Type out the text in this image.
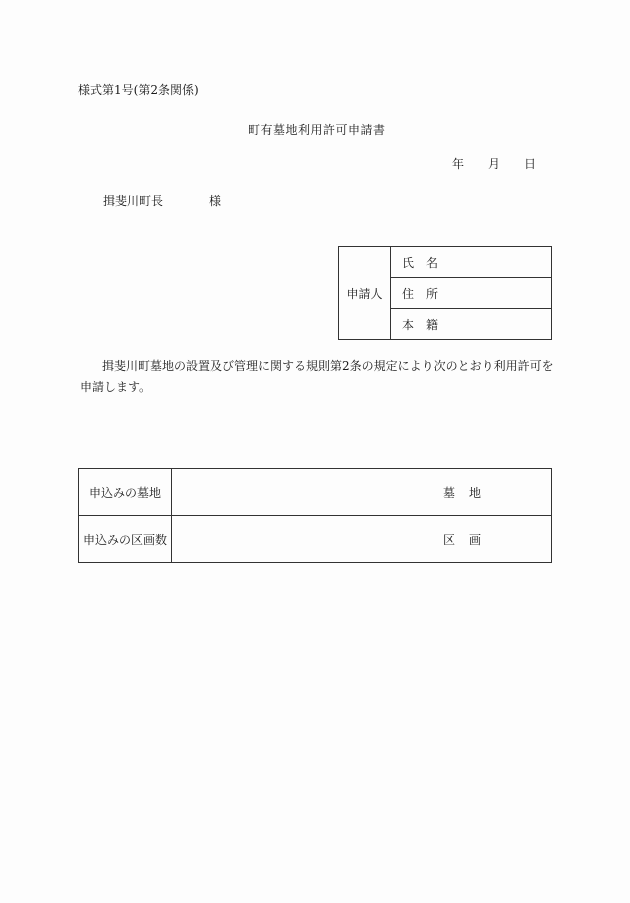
様式第1号(第2条関係)
町有墓地利用許可申請書
年 月 日
揖斐川町長	様
申請人	氏 名
住 所
本 籍
揖斐川町墓地の設置及び管理に関する規則第2条の規定により次のとおり利用許可を
申請します。
申込みの墓地	墓 地
申込みの区画数	区 画
